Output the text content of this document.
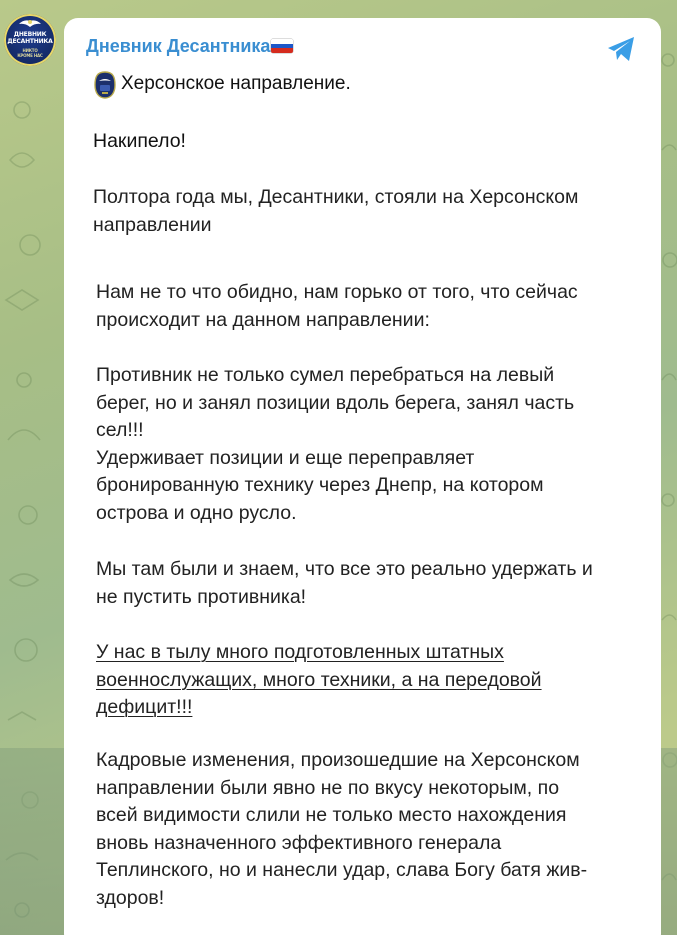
ДНЕВНИК
ДЕСАНТНИКА
НИКТО
КРОМЕ НАС	Дневник Десантника
Херсонское направление.
Накипело!
Полтора года мы, Десантники, стояли на Херсонском
направлении
Нам не то что обидно, нам горько от того, что сейчас
происходит на данном направлении:
Противник не только сумел перебраться на левый
берег, но и занял позиции вдоль берега, занял часть
сел!!!
Удерживает позиции и еще переправляет
бронированную технику через Днепр, на котором
острова и одно русло.
Мы там были и знаем, что все это реально удержать и
не пустить противника!
У нас в тылу много подготовленных штатных
военнослужащих, много техники, а на передовой
дефицит!!!
Кадровые изменения, произошедшие на Херсонском
направлении были явно не по вкусу некоторым, по
всей видимости слили не только место нахождения
вновь назначенного эффективного генерала
Теплинского, но и нанесли удар, слава Богу батя жив-
здоров!
